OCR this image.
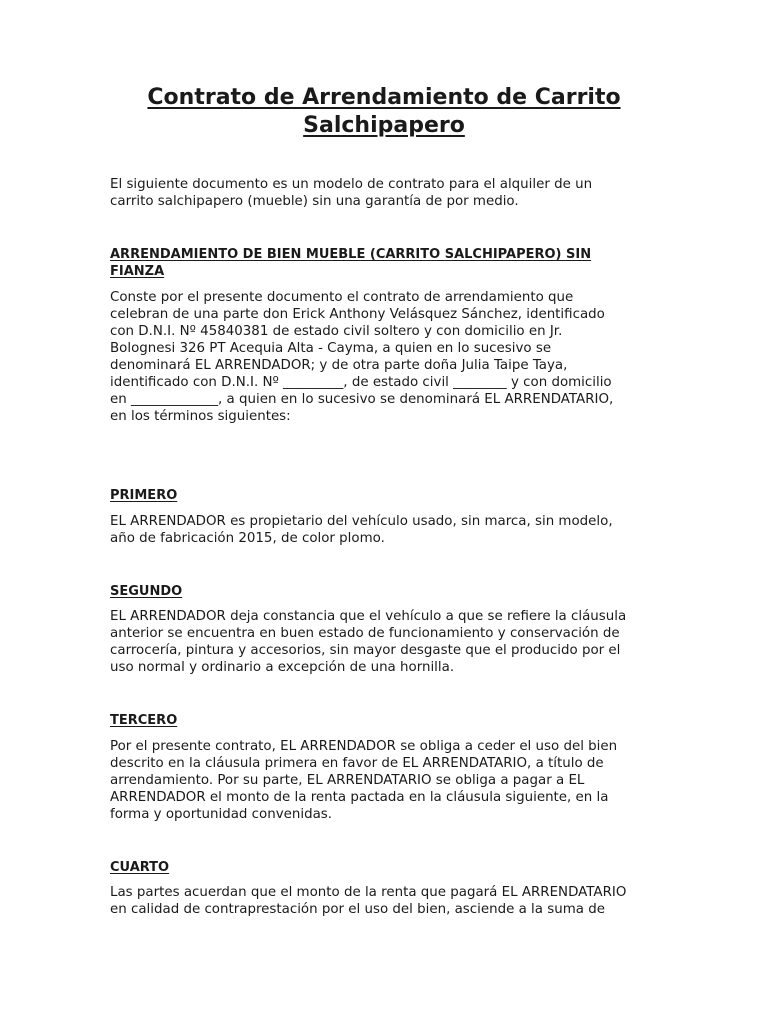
Contrato de Arrendamiento de Carrito Salchipapero

El siguiente documento es un modelo de contrato para el alquiler de un
carrito salchipapero (mueble) sin una garantía de por medio.

ARRENDAMIENTO DE BIEN MUEBLE (CARRITO SALCHIPAPERO) SIN
FIANZA

Conste por el presente documento el contrato de arrendamiento que
celebran de una parte don Erick Anthony Velásquez Sánchez, identificado
con D.N.I. Nº 45840381 de estado civil soltero y con domicilio en Jr.
Bolognesi 326 PT Acequia Alta - Cayma, a quien en lo sucesivo se
denominará EL ARRENDADOR; y de otra parte doña Julia Taipe Taya,
identificado con D.N.I. Nº _________, de estado civil ________ y con domicilio
en _____________, a quien en lo sucesivo se denominará EL ARRENDATARIO,
en los términos siguientes:

PRIMERO

EL ARRENDADOR es propietario del vehículo usado, sin marca, sin modelo,
año de fabricación 2015, de color plomo.

SEGUNDO

EL ARRENDADOR deja constancia que el vehículo a que se refiere la cláusula
anterior se encuentra en buen estado de funcionamiento y conservación de
carrocería, pintura y accesorios, sin mayor desgaste que el producido por el
uso normal y ordinario a excepción de una hornilla.

TERCERO

Por el presente contrato, EL ARRENDADOR se obliga a ceder el uso del bien
descrito en la cláusula primera en favor de EL ARRENDATARIO, a título de
arrendamiento. Por su parte, EL ARRENDATARIO se obliga a pagar a EL
ARRENDADOR el monto de la renta pactada en la cláusula siguiente, en la
forma y oportunidad convenidas.

CUARTO

Las partes acuerdan que el monto de la renta que pagará EL ARRENDATARIO
en calidad de contraprestación por el uso del bien, asciende a la suma de
